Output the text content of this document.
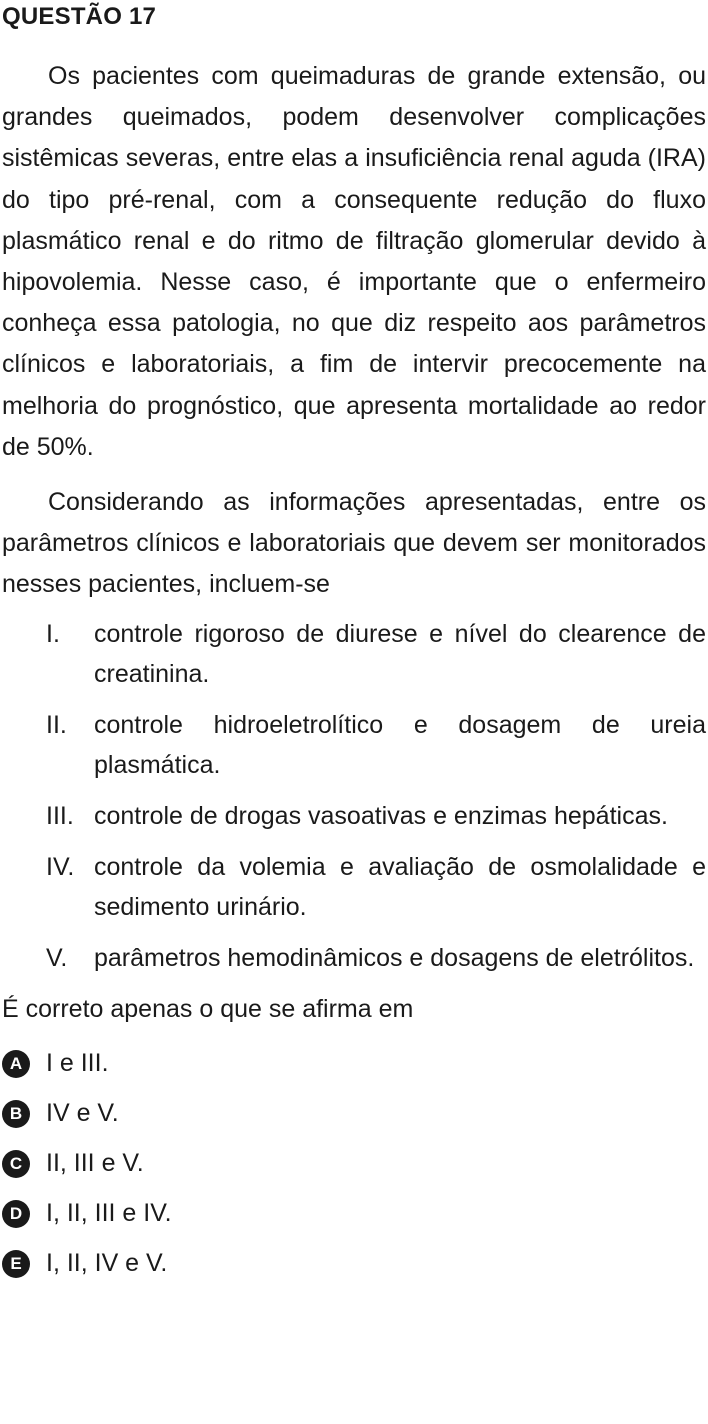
QUESTÃO 17

Os pacientes com queimaduras de grande extensão, ou grandes queimados, podem desenvolver complicações sistêmicas severas, entre elas a insuficiência renal aguda (IRA) do tipo pré-renal, com a consequente redução do fluxo plasmático renal e do ritmo de filtração glomerular devido à hipovolemia. Nesse caso, é importante que o enfermeiro conheça essa patologia, no que diz respeito aos parâmetros clínicos e laboratoriais, a fim de intervir precocemente na melhoria do prognóstico, que apresenta mortalidade ao redor de 50%.

Considerando as informações apresentadas, entre os parâmetros clínicos e laboratoriais que devem ser monitorados nesses pacientes, incluem-se

I.	controle rigoroso de diurese e nível do clearence de creatinina.
II.	controle hidroeletrolítico e dosagem de ureia plasmática.
III. controle de drogas vasoativas e enzimas hepáticas.
IV. controle da volemia e avaliação de osmolalidade e sedimento urinário.
V.	parâmetros hemodinâmicos e dosagens de eletrólitos.

É correto apenas o que se afirma em

A I e III.
B IV e V.
C II, III e V.
D I, II, III e IV.
E I, II, IV e V.
